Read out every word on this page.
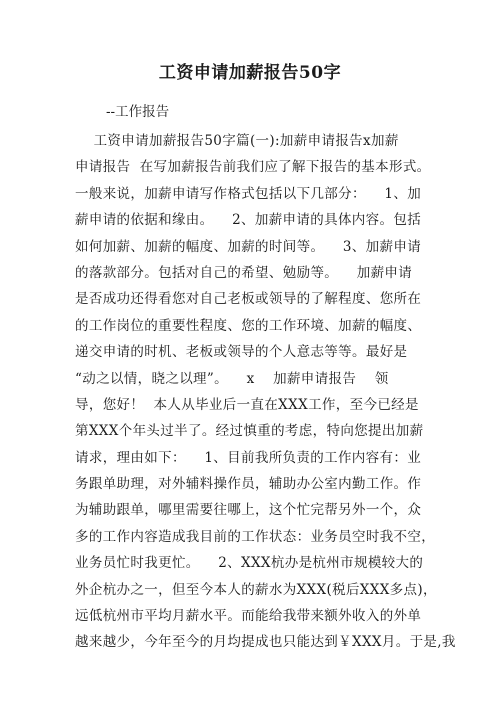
工资申请加薪报告50字
--工作报告
工资申请加薪报告50字篇(一):加薪申请报告x加薪
申请报告  在写加薪报告前我们应了解下报告的基本形式。
一般来说，加薪申请写作格式包括以下几部分：    1、加
薪申请的依据和缘由。    2、加薪申请的具体内容。包括
如何加薪、加薪的幅度、加薪的时间等。    3、加薪申请
的落款部分。包括对自己的希望、勉励等。    加薪申请
是否成功还得看您对自己老板或领导的了解程度、您所在
的工作岗位的重要性程度、您的工作环境、加薪的幅度、
递交申请的时机、老板或领导的个人意志等等。最好是
“动之以情，晓之以理”。    x    加薪申请报告    领
导，您好！  本人从毕业后一直在XXX工作，至今已经是
第XXX个年头过半了。经过慎重的考虑，特向您提出加薪
请求，理由如下：    1、目前我所负责的工作内容有：业
务跟单助理，对外辅料操作员，辅助办公室内勤工作。作
为辅助跟单，哪里需要往哪上，这个忙完帮另外一个，众
多的工作内容造成我目前的工作状态：业务员空时我不空，
业务员忙时我更忙。    2、XXX杭办是杭州市规模较大的
外企杭办之一，但至今本人的薪水为XXX(税后XXX多点)，
远低杭州市平均月薪水平。而能给我带来额外收入的外单
越来越少，今年至今的月均提成也只能达到￥XXX月。于是,我
